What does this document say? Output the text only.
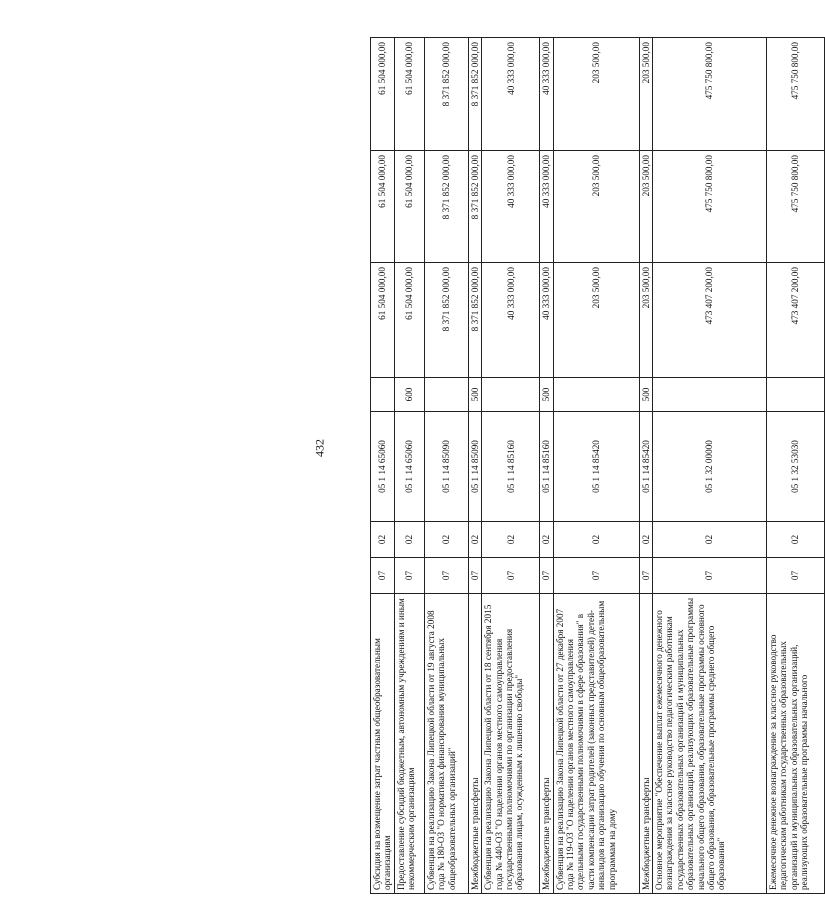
432
Субсидия на возмещение затрат частным общеобразовательным организациям	07	02	05 1 14 65060		61 504 000,00	61 504 000,00	61 504 000,00
Предоставление субсидий бюджетным, автономным учреждениям и иным некоммерческим организациям	07	02	05 1 14 65060	600	61 504 000,00	61 504 000,00	61 504 000,00
Субвенция на реализацию Закона Липецкой области от 19 августа 2008 года № 180-ОЗ "О нормативах финансирования муниципальных общеобразовательных организаций"	07	02	05 1 14 85090		8 371 852 000,00	8 371 852 000,00	8 371 852 000,00
Межбюджетные трансферты	07	02	05 1 14 85090	500	8 371 852 000,00	8 371 852 000,00	8 371 852 000,00
Субвенция на реализацию Закона Липецкой области от 18 сентября 2015 года № 440-ОЗ "О наделении органов местного самоуправления государственными полномочиями по организации предоставления образования лицам, осужденным к лишению свободы"	07	02	05 1 14 85160		40 333 000,00	40 333 000,00	40 333 000,00
Межбюджетные трансферты	07	02	05 1 14 85160	500	40 333 000,00	40 333 000,00	40 333 000,00
Субвенция на реализацию Закона Липецкой области от 27 декабря 2007 года № 119-ОЗ "О наделении органов местного самоуправления отдельными государственными полномочиями в сфере образования" в части компенсации затрат родителей (законных представителей) детей-инвалидов на организацию обучения по основным общеобразовательным программам на дому	07	02	05 1 14 85420		203 500,00	203 500,00	203 500,00
Межбюджетные трансферты	07	02	05 1 14 85420	500	203 500,00	203 500,00	203 500,00
Основное мероприятие "Обеспечение выплат ежемесячного денежного вознаграждения за классное руководство педагогическим работникам государственных образовательных организаций и муниципальных образовательных организаций, реализующих образовательные программы начального общего образования, образовательные программы основного общего образования, образовательные программы среднего общего образования"	07	02	05 1 32 00000		473 407 200,00	475 750 800,00	475 750 800,00
Ежемесячное денежное вознаграждение за классное руководство педагогическим работникам государственных образовательных организаций и муниципальных образовательных организаций, реализующих образовательные программы начального	07	02	05 1 32 53030		473 407 200,00	475 750 800,00	475 750 800,00
